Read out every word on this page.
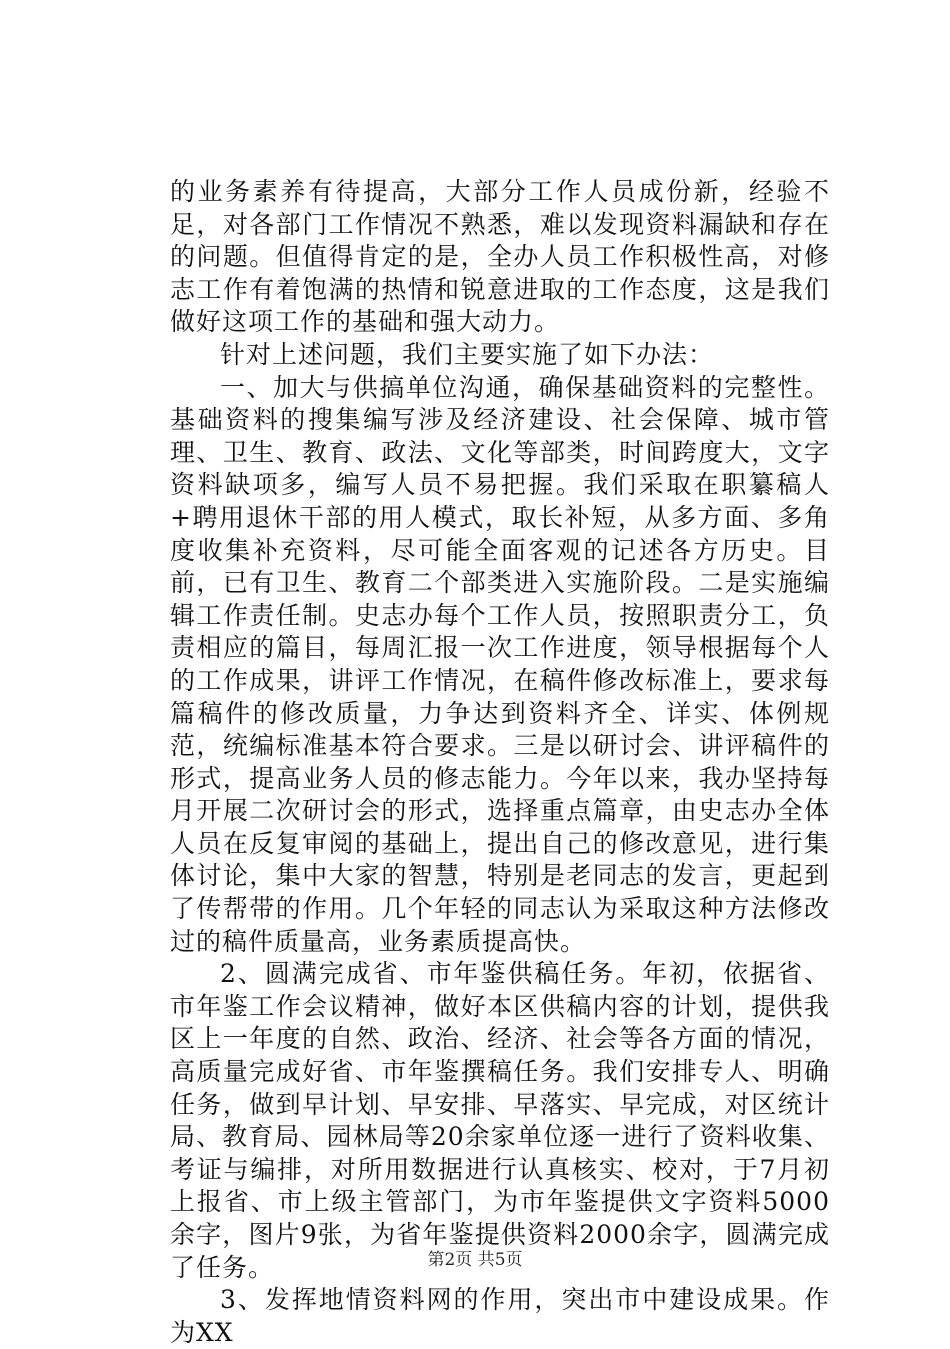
的业务素养有待提高，大部分工作人员成份新，经验不足，对各部门工作情况不熟悉，难以发现资料漏缺和存在的问题。但值得肯定的是，全办人员工作积极性高，对修志工作有着饱满的热情和锐意进取的工作态度，这是我们做好这项工作的基础和强大动力。

针对上述问题，我们主要实施了如下办法：

一、加大与供搞单位沟通，确保基础资料的完整性。基础资料的搜集编写涉及经济建设、社会保障、城市管理、卫生、教育、政法、文化等部类，时间跨度大，文字资料缺项多，编写人员不易把握。我们采取在职纂稿人+聘用退休干部的用人模式，取长补短，从多方面、多角度收集补充资料，尽可能全面客观的记述各方历史。目前，已有卫生、教育二个部类进入实施阶段。二是实施编辑工作责任制。史志办每个工作人员，按照职责分工，负责相应的篇目，每周汇报一次工作进度，领导根据每个人的工作成果，讲评工作情况，在稿件修改标准上，要求每篇稿件的修改质量，力争达到资料齐全、详实、体例规范，统编标准基本符合要求。三是以研讨会、讲评稿件的形式，提高业务人员的修志能力。今年以来，我办坚持每月开展二次研讨会的形式，选择重点篇章，由史志办全体人员在反复审阅的基础上，提出自己的修改意见，进行集体讨论，集中大家的智慧，特别是老同志的发言，更起到了传帮带的作用。几个年轻的同志认为采取这种方法修改过的稿件质量高，业务素质提高快。

2、圆满完成省、市年鉴供稿任务。年初，依据省、市年鉴工作会议精神，做好本区供稿内容的计划，提供我区上一年度的自然、政治、经济、社会等各方面的情况，高质量完成好省、市年鉴撰稿任务。我们安排专人、明确任务，做到早计划、早安排、早落实、早完成，对区统计局、教育局、园林局等20余家单位逐一进行了资料收集、考证与编排，对所用数据进行认真核实、校对，于7月初上报省、市上级主管部门，为市年鉴提供文字资料5000余字，图片9张，为省年鉴提供资料2000余字，圆满完成了任务。

3、发挥地情资料网的作用，突出市中建设成果。作为XX

第2页 共5页
